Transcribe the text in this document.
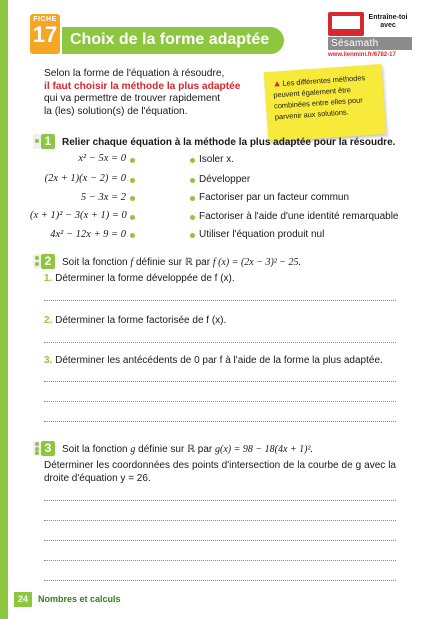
FICHE
17 Choix de la forme adaptée
Entraîne-toi avec
Sésamath
www.lienmini.fr/6782-17
Selon la forme de l'équation à résoudre,
il faut choisir la méthode la plus adaptée
qui va permettre de trouver rapidement
la (les) solution(s) de l'équation.
▲Les différentes méthodes peuvent également être combinées entre elles pour parvenir aux solutions.
1	Relier chaque équation à la méthode la plus adaptée pour la résoudre.
x² − 5x = 0
(2x + 1)(x − 2) = 0
5 − 3x = 2
(x + 1)² − 3(x + 1) = 0
4x² − 12x + 9 = 0
Isoler x.
Développer
Factoriser par un facteur commun
Factoriser à l'aide d'une identité remarquable
Utiliser l'équation produit nul
2	Soit la fonction f définie sur ℝ par f (x) = (2x − 3)² − 25.
1. Déterminer la forme développée de f (x).
2. Déterminer la forme factorisée de f (x).
3. Déterminer les antécédents de 0 par f à l'aide de la forme la plus adaptée.
3	Soit la fonction g définie sur ℝ par g(x) = 98 − 18(4x + 1)².
Déterminer les coordonnées des points d'intersection de la courbe de g avec la droite d'équation y = 26.
24	Nombres et calculs
